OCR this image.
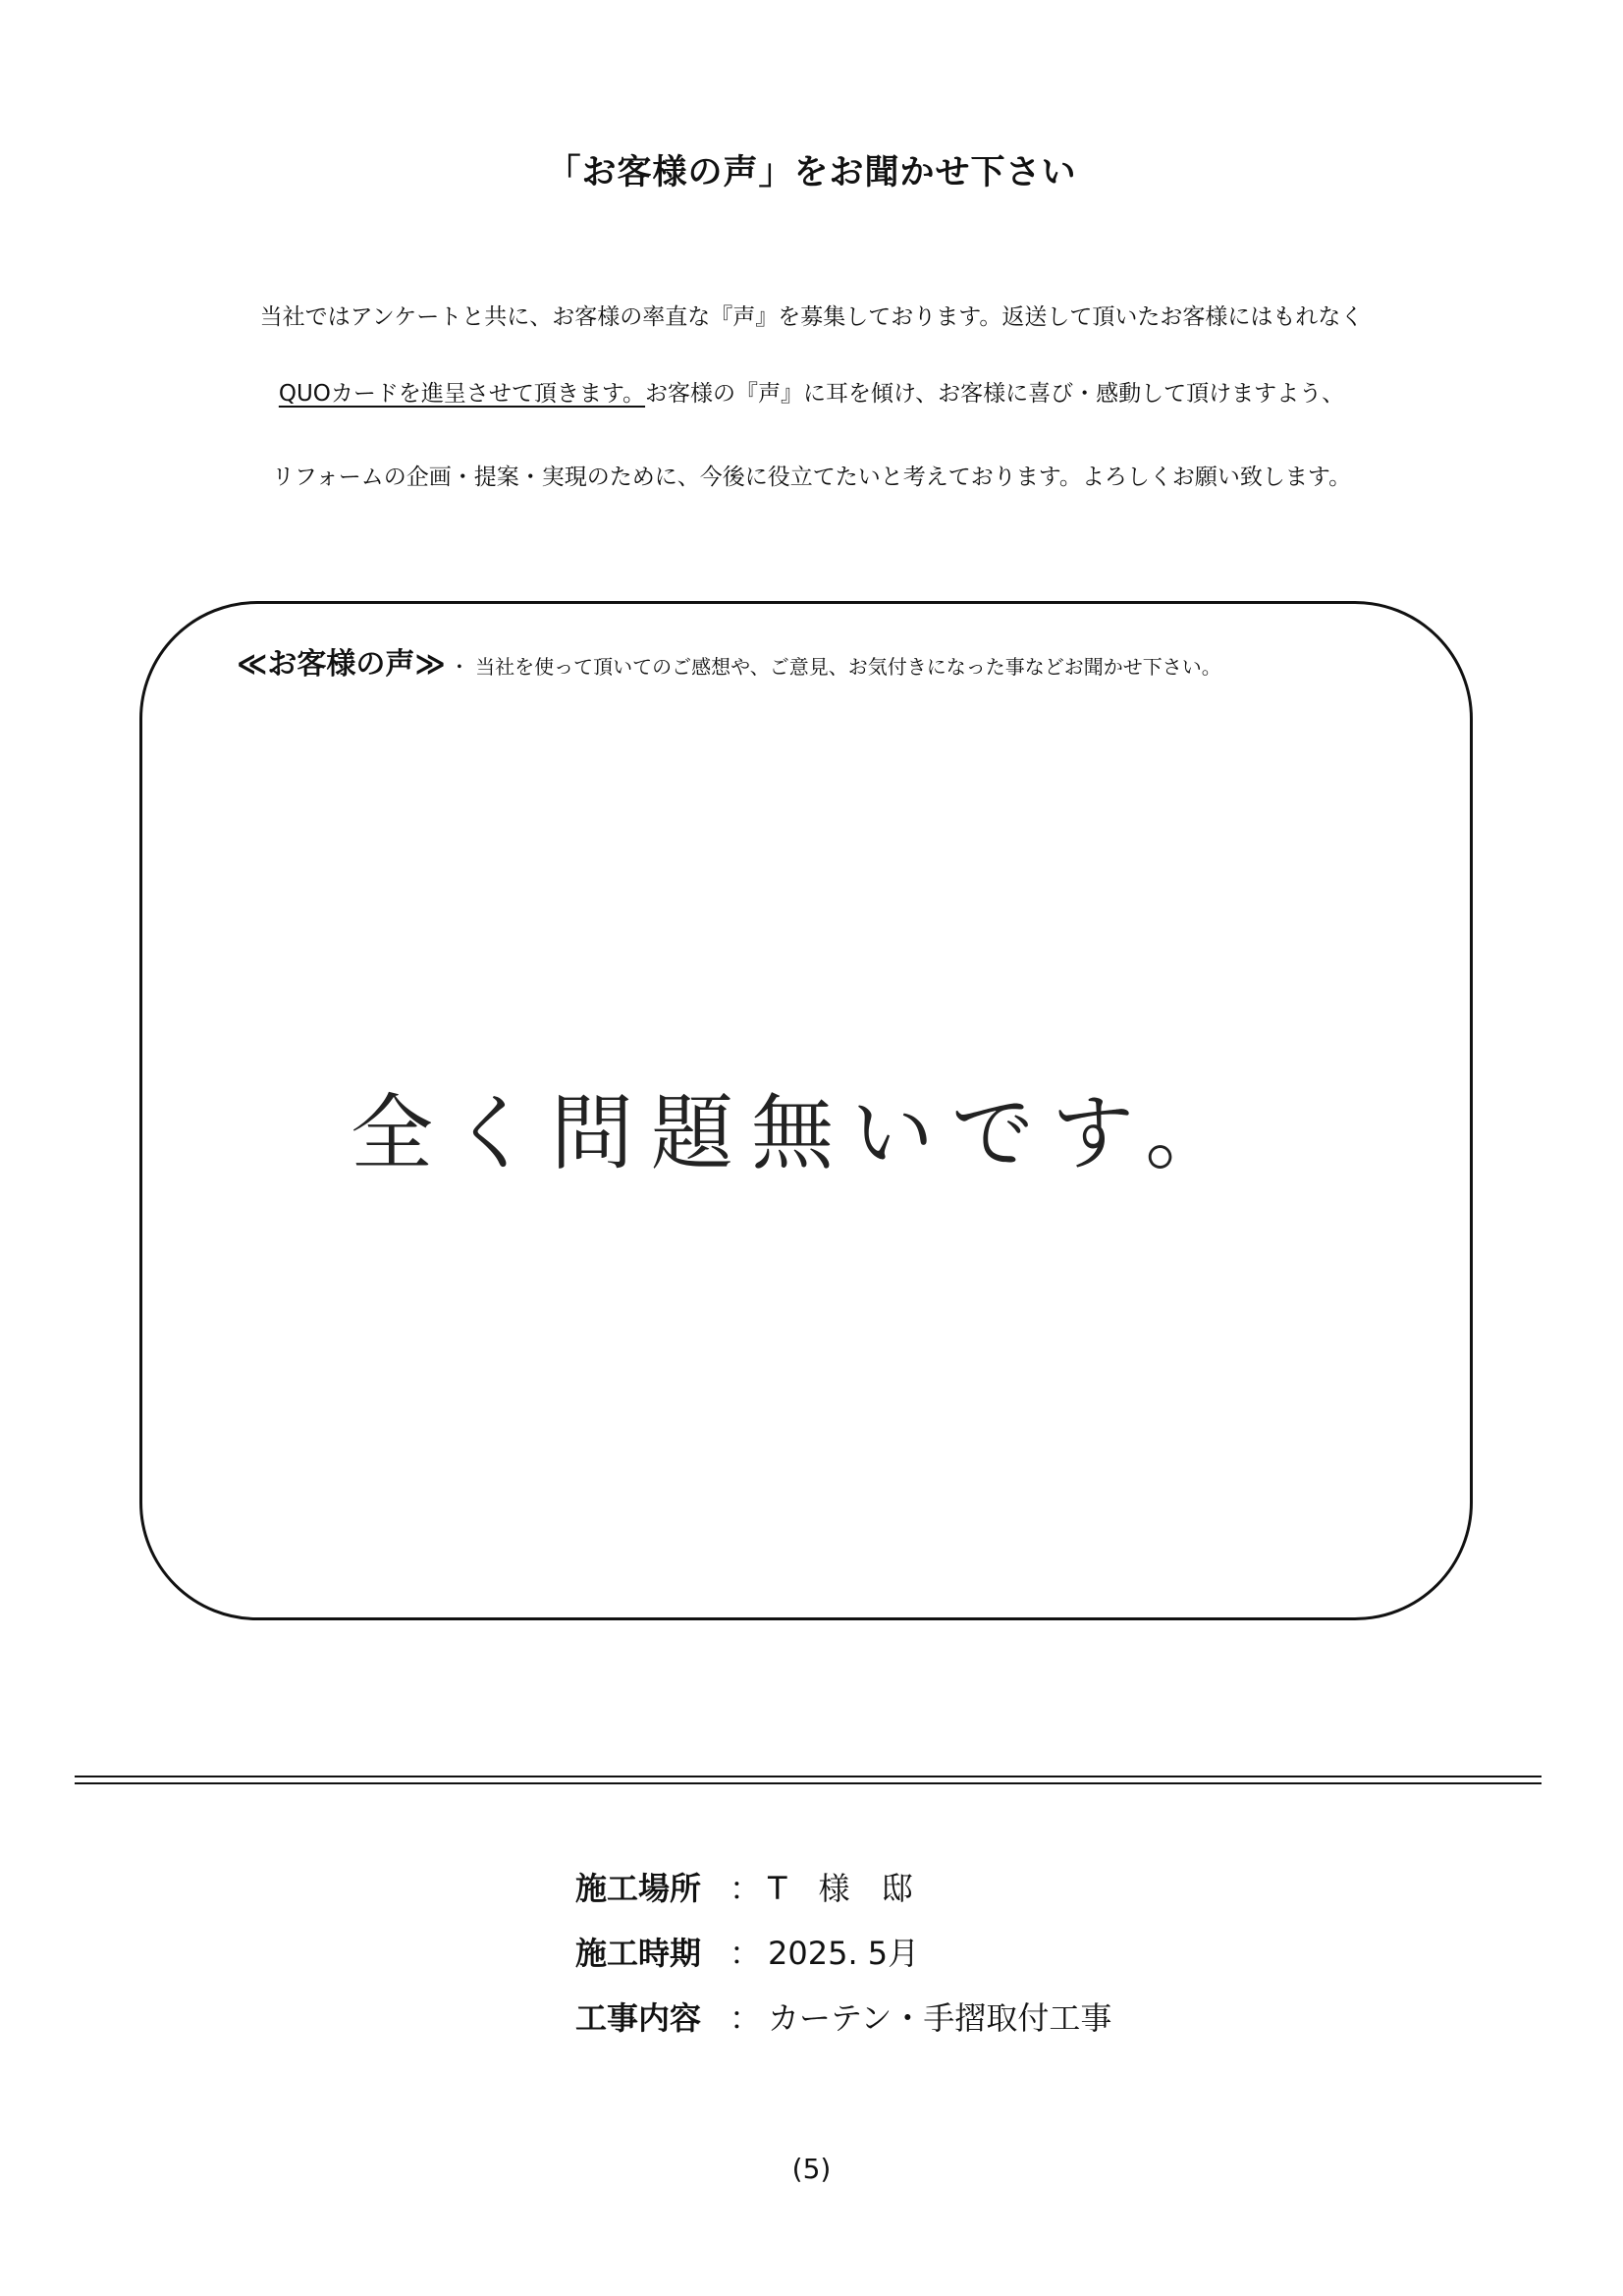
「お客様の声」をお聞かせ下さい
当社ではアンケートと共に、お客様の率直な『声』を募集しております。返送して頂いたお客様にはもれなく
QUOカードを進呈させて頂きます。お客様の『声』に耳を傾け、お客様に喜び・感動して頂けますよう、
リフォームの企画・提案・実現のために、今後に役立てたいと考えております。よろしくお願い致します。
≪お客様の声≫ ・ 当社を使って頂いてのご感想や、ご意見、お気付きになった事などお聞かせ下さい。
全く問題無いです。
施工場所 ： T　様　邸
施工時期 ： 2025. 5月
工事内容 ： カーテン・手摺取付工事
(5)
